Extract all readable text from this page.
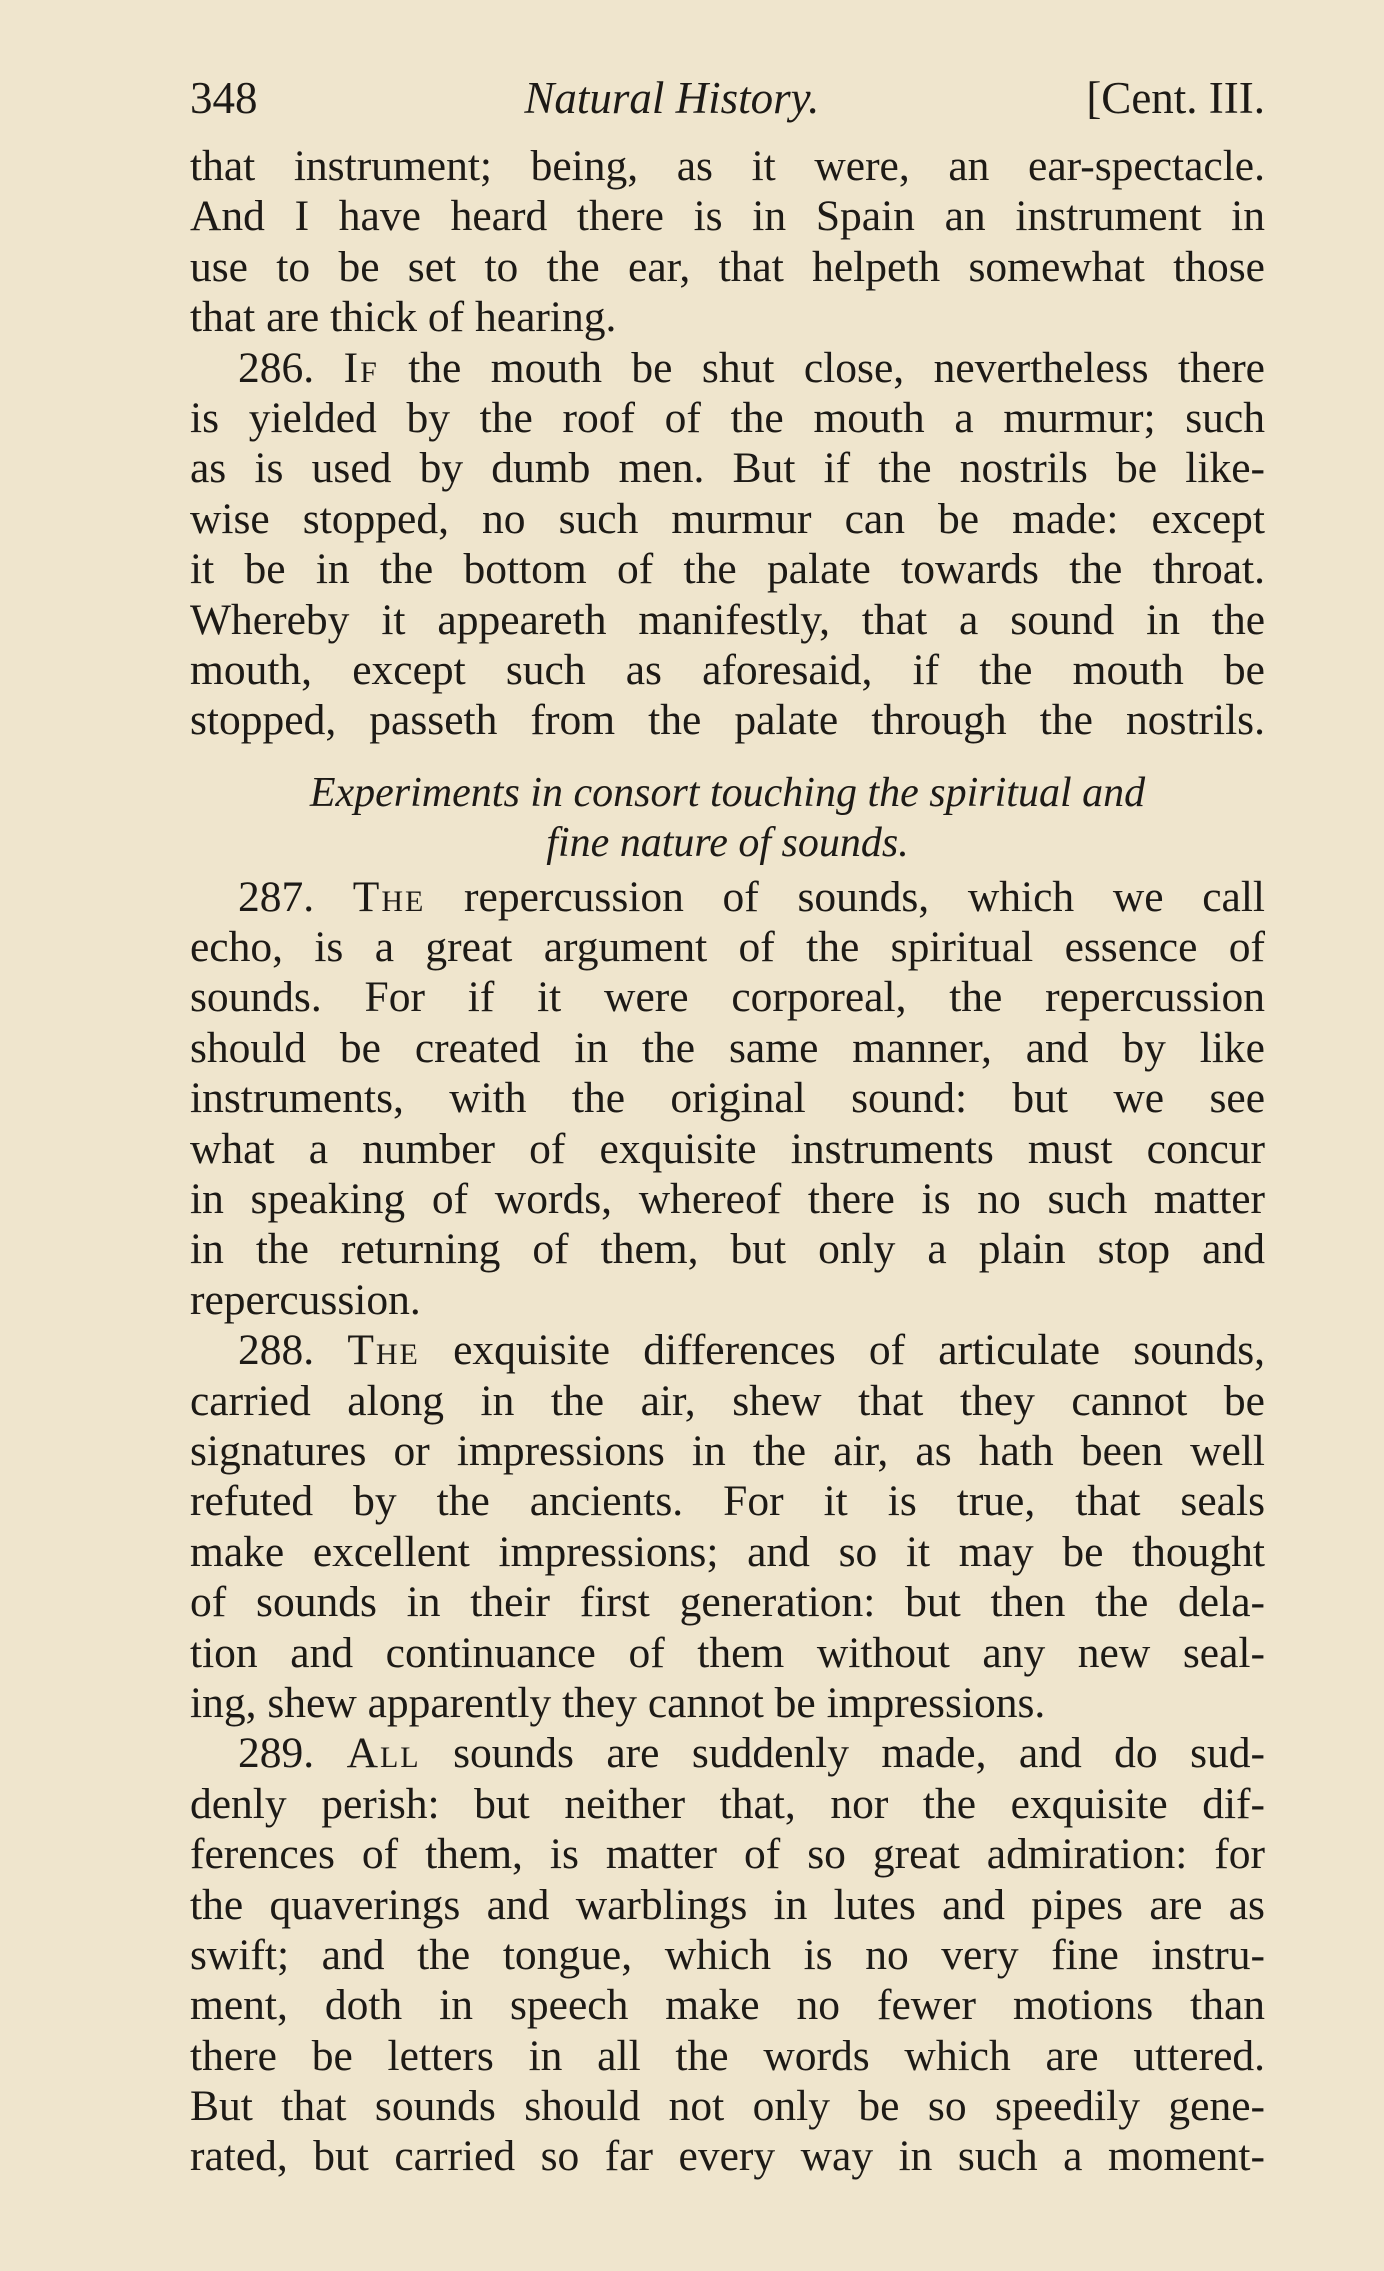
348	Natural History.	[Cent. III.
that instrument; being, as it were, an ear-spectacle.
And I have heard there is in Spain an instrument in
use to be set to the ear, that helpeth somewhat those
that are thick of hearing.
286. If the mouth be shut close, nevertheless there
is yielded by the roof of the mouth a murmur; such
as is used by dumb men. But if the nostrils be like-
wise stopped, no such murmur can be made: except
it be in the bottom of the palate towards the throat.
Whereby it appeareth manifestly, that a sound in the
mouth, except such as aforesaid, if the mouth be
stopped, passeth from the palate through the nostrils.
Experiments in consort touching the spiritual and
fine nature of sounds.
287. The repercussion of sounds, which we call
echo, is a great argument of the spiritual essence of
sounds. For if it were corporeal, the repercussion
should be created in the same manner, and by like
instruments, with the original sound: but we see
what a number of exquisite instruments must concur
in speaking of words, whereof there is no such matter
in the returning of them, but only a plain stop and
repercussion.
288. The exquisite differences of articulate sounds,
carried along in the air, shew that they cannot be
signatures or impressions in the air, as hath been well
refuted by the ancients. For it is true, that seals
make excellent impressions; and so it may be thought
of sounds in their first generation: but then the dela-
tion and continuance of them without any new seal-
ing, shew apparently they cannot be impressions.
289. All sounds are suddenly made, and do sud-
denly perish: but neither that, nor the exquisite dif-
ferences of them, is matter of so great admiration: for
the quaverings and warblings in lutes and pipes are as
swift; and the tongue, which is no very fine instru-
ment, doth in speech make no fewer motions than
there be letters in all the words which are uttered.
But that sounds should not only be so speedily gene-
rated, but carried so far every way in such a moment-
